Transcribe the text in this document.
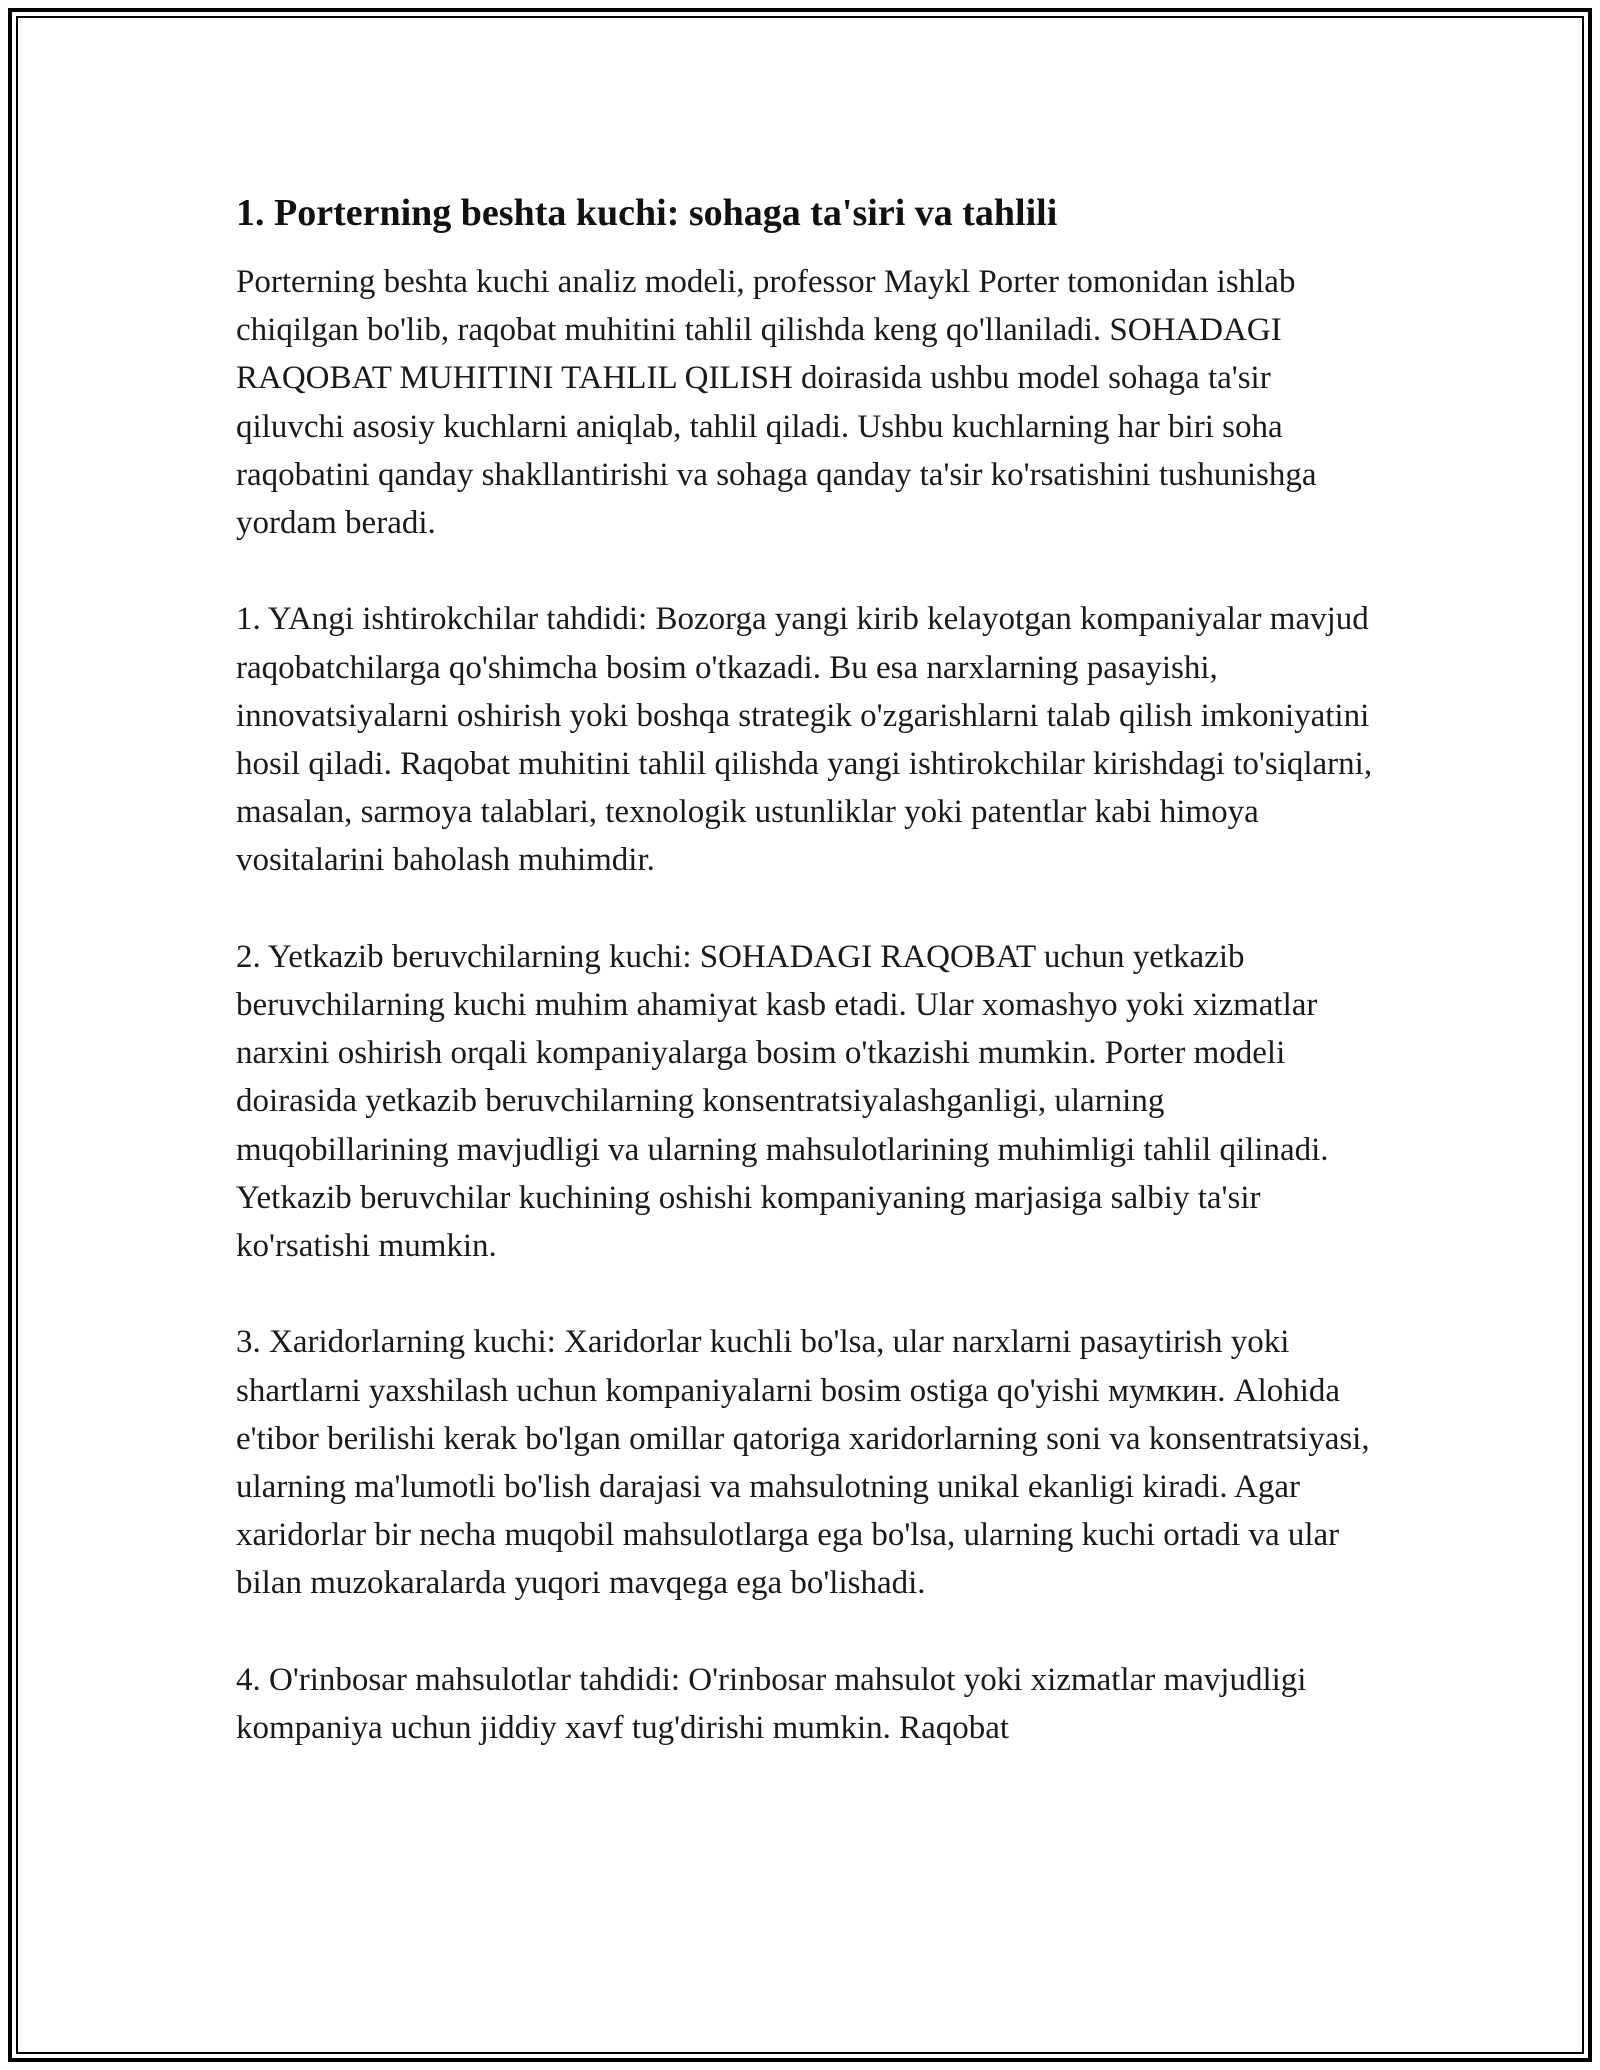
1. Porterning beshta kuchi: sohaga ta'siri va tahlili

Porterning beshta kuchi analiz modeli, professor Maykl Porter tomonidan ishlab chiqilgan bo'lib, raqobat muhitini tahlil qilishda keng qo'llaniladi. SOHADAGI RAQOBAT MUHITINI TAHLIL QILISH doirasida ushbu model sohaga ta'sir qiluvchi asosiy kuchlarni aniqlab, tahlil qiladi. Ushbu kuchlarning har biri soha raqobatini qanday shakllantirishi va sohaga qanday ta'sir ko'rsatishini tushunishga yordam beradi.

1. YAngi ishtirokchilar tahdidi: Bozorga yangi kirib kelayotgan kompaniyalar mavjud raqobatchilarga qo'shimcha bosim o'tkazadi. Bu esa narxlarning pasayishi, innovatsiyalarni oshirish yoki boshqa strategik o'zgarishlarni talab qilish imkoniyatini hosil qiladi. Raqobat muhitini tahlil qilishda yangi ishtirokchilar kirishdagi to'siqlarni, masalan, sarmoya talablari, texnologik ustunliklar yoki patentlar kabi himoya vositalarini baholash muhimdir.

2. Yetkazib beruvchilarning kuchi: SOHADAGI RAQOBAT uchun yetkazib beruvchilarning kuchi muhim ahamiyat kasb etadi. Ular xomashyo yoki xizmatlar narxini oshirish orqali kompaniyalarga bosim o'tkazishi mumkin. Porter modeli doirasida yetkazib beruvchilarning konsentratsiyalashganligi, ularning muqobillarining mavjudligi va ularning mahsulotlarining muhimligi tahlil qilinadi. Yetkazib beruvchilar kuchining oshishi kompaniyaning marjasiga salbiy ta'sir ko'rsatishi mumkin.

3. Xaridorlarning kuchi: Xaridorlar kuchli bo'lsa, ular narxlarni pasaytirish yoki shartlarni yaxshilash uchun kompaniyalarni bosim ostiga qo'yishi мумкин. Alohida e'tibor berilishi kerak bo'lgan omillar qatoriga xaridorlarning soni va konsentratsiyasi, ularning ma'lumotli bo'lish darajasi va mahsulotning unikal ekanligi kiradi. Agar xaridorlar bir necha muqobil mahsulotlarga ega bo'lsa, ularning kuchi ortadi va ular bilan muzokaralarda yuqori mavqega ega bo'lishadi.

4. O'rinbosar mahsulotlar tahdidi: O'rinbosar mahsulot yoki xizmatlar mavjudligi kompaniya uchun jiddiy xavf tug'dirishi mumkin. Raqobat
